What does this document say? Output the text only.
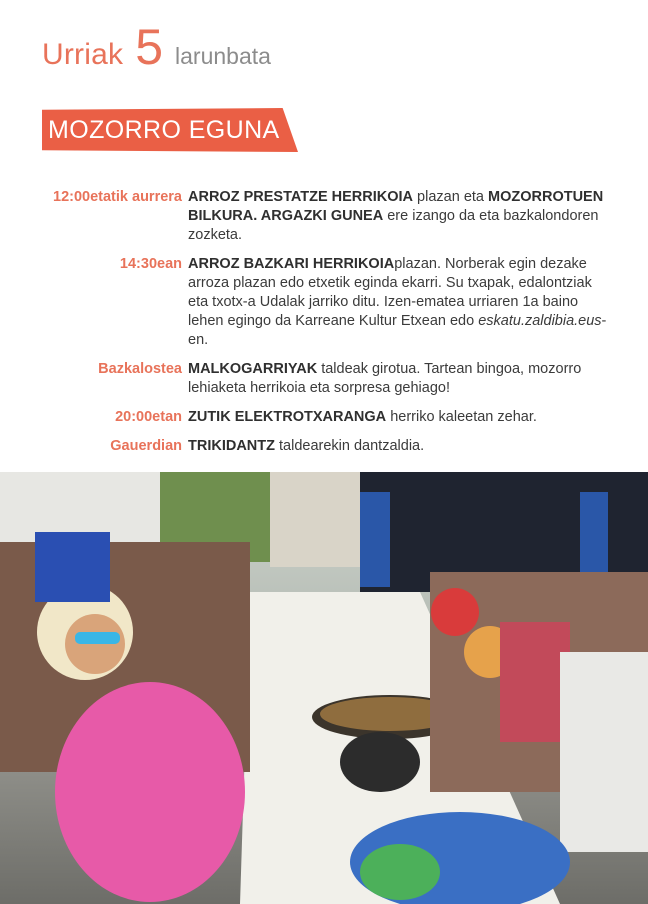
Urriak 5 larunbata
MOZORRO EGUNA
12:00etatik aurrera ARROZ PRESTATZE HERRIKOIA plazan eta MOZORROTUEN BILKURA. ARGAZKI GUNEA ere izango da eta bazkalondoren zozketa.
14:30ean ARROZ BAZKARI HERRIKOIAplazan. Norberak egin dezake arroza plazan edo etxetik eginda ekarri. Su txapak, edalontziak eta txotx-a Udalak jarriko ditu. Izen-ematea urriaren 1a baino lehen egingo da Karreane Kultur Etxean edo eskatu.zaldibia.eus-en.
Bazkalostea MALKOGARRIYAK taldeak girotua. Tartean bingoa, mozorro lehiaketa herrikoia eta sorpresa gehiago!
20:00etan ZUTIK ELEKTROTXARANGA herriko kaleetan zehar.
Gauerdian TRIKIDANTZ taldearekin dantzaldia.
